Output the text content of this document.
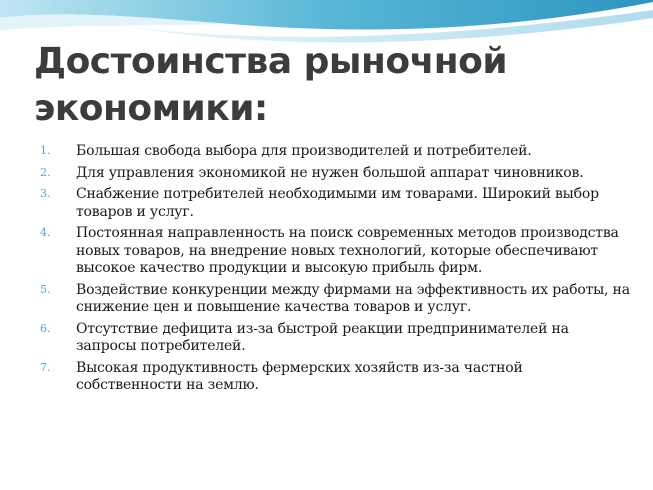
Достоинства рыночной экономики:
1. Большая свобода выбора для производителей и потребителей.
2. Для управления экономикой не нужен большой аппарат чиновников.
3. Снабжение потребителей необходимыми им товарами. Широкий выбор товаров и услуг.
4. Постоянная направленность на поиск современных методов производства новых товаров, на внедрение новых технологий, которые обеспечивают высокое качество продукции и высокую прибыль фирм.
5. Воздействие конкуренции между фирмами на эффективность их работы, на снижение цен и повышение качества товаров и услуг.
6. Отсутствие дефицита из-за быстрой реакции предпринимателей на запросы потребителей.
7. Высокая продуктивность фермерских хозяйств из-за частной собственности на землю.
